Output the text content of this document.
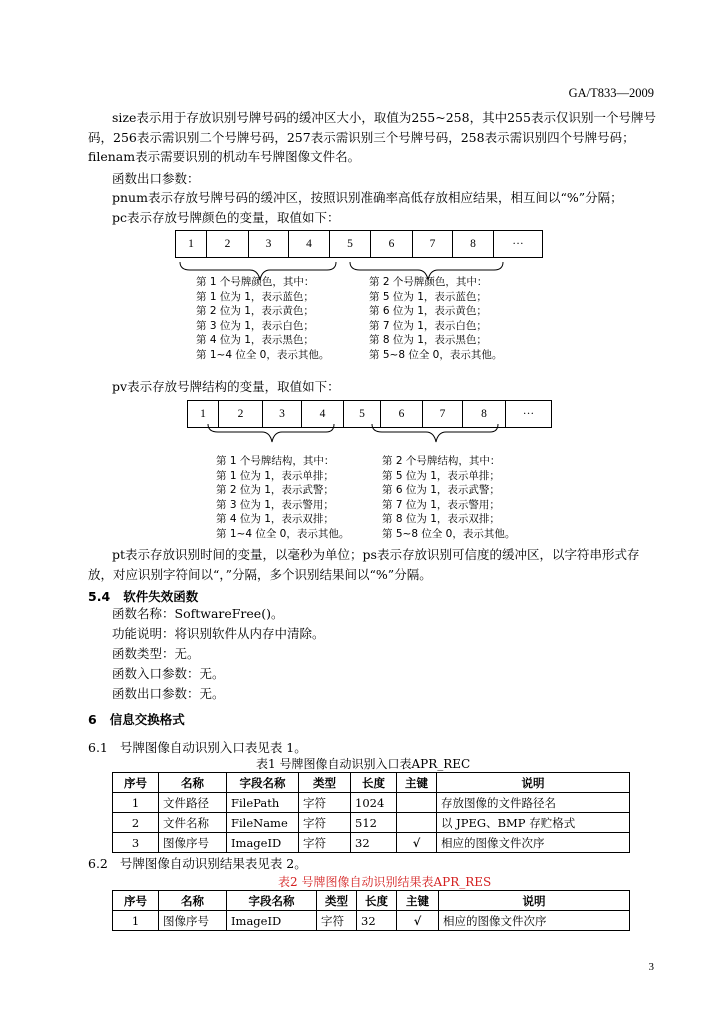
GA/T833—2009
size表示用于存放识别号牌号码的缓冲区大小，取值为255~258，其中255表示仅识别一个号牌号码，256表示需识别二个号牌号码，257表示需识别三个号牌号码，258表示需识别四个号牌号码；filenam表示需要识别的机动车号牌图像文件名。
函数出口参数：
pnum表示存放号牌号码的缓冲区，按照识别准确率高低存放相应结果，相互间以“%”分隔；
pc表示存放号牌颜色的变量，取值如下：
1	2	3	4	5	6	7	8	···
第 1 个号牌颜色，其中：
第 1 位为 1，表示蓝色；
第 2 位为 1，表示黄色；
第 3 位为 1，表示白色；
第 4 位为 1，表示黑色；
第 1~4 位全 0，表示其他。
第 2 个号牌颜色，其中：
第 5 位为 1，表示蓝色；
第 6 位为 1，表示黄色；
第 7 位为 1，表示白色；
第 8 位为 1，表示黑色；
第 5~8 位全 0，表示其他。
pv表示存放号牌结构的变量，取值如下：
1	2	3	4	5	6	7	8	···
第 1 个号牌结构，其中：
第 1 位为 1，表示单排；
第 2 位为 1，表示武警；
第 3 位为 1，表示警用；
第 4 位为 1，表示双排；
第 1~4 位全 0，表示其他。
第 2 个号牌结构，其中：
第 5 位为 1，表示单排；
第 6 位为 1，表示武警；
第 7 位为 1，表示警用；
第 8 位为 1，表示双排；
第 5~8 位全 0，表示其他。
pt表示存放识别时间的变量，以毫秒为单位；ps表示存放识别可信度的缓冲区，以字符串形式存放，对应识别字符间以“，”分隔，多个识别结果间以“%”分隔。
5.4 软件失效函数
函数名称：SoftwareFree()。
功能说明：将识别软件从内存中清除。
函数类型：无。
函数入口参数：无。
函数出口参数：无。
6 信息交换格式
6.1 号牌图像自动识别入口表见表 1。
表1 号牌图像自动识别入口表APR_REC
序号	名称	字段名称	类型	长度	主键	说明
1	文件路径	FilePath	字符	1024		存放图像的文件路径名
2	文件名称	FileName	字符	512		以 JPEG、BMP 存贮格式
3	图像序号	ImageID	字符	32	√	相应的图像文件次序
6.2 号牌图像自动识别结果表见表 2。
表2 号牌图像自动识别结果表APR_RES
序号	名称	字段名称	类型	长度	主键	说明
1	图像序号	ImageID	字符	32	√	相应的图像文件次序
3
